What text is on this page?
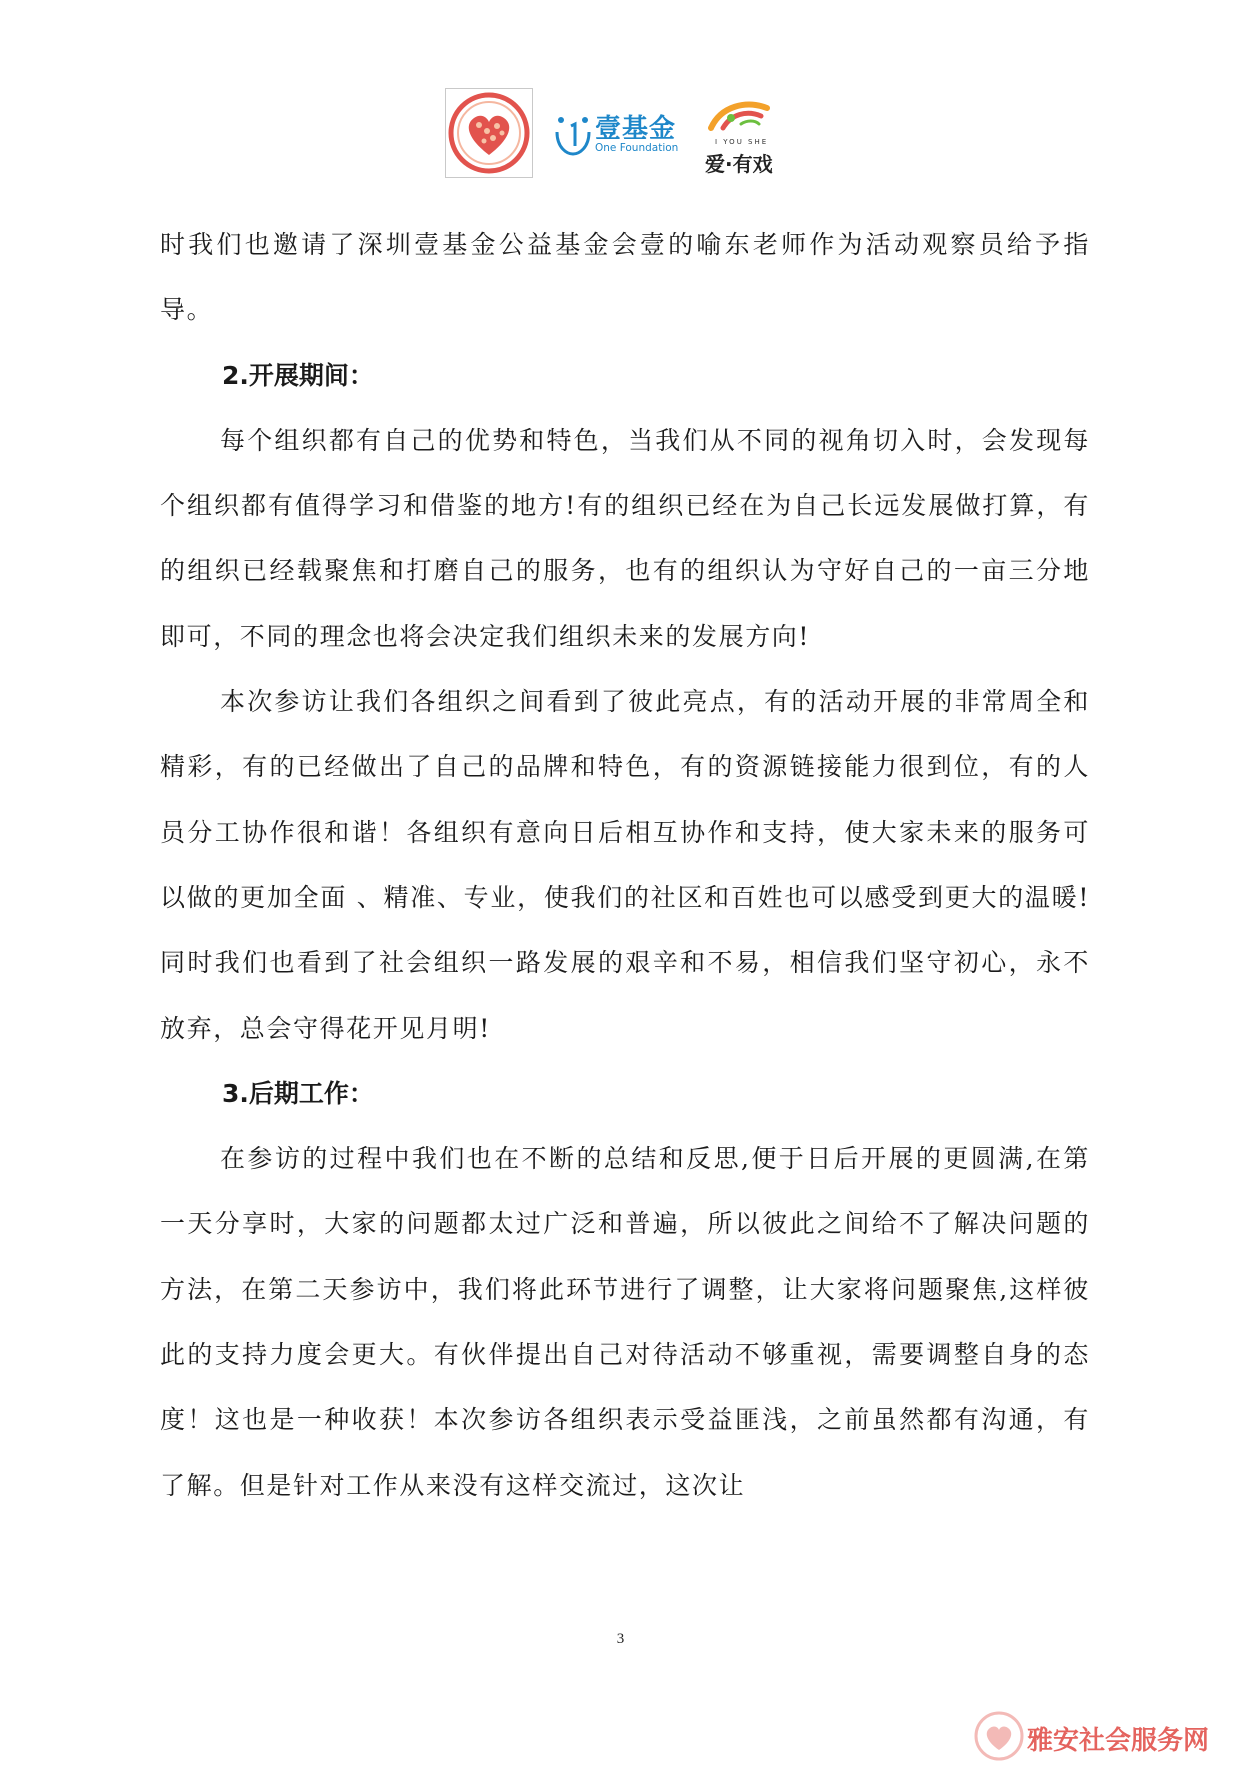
壹基金
One Foundation	I YOU SHE
爱·有戏

时我们也邀请了深圳壹基金公益基金会壹的喻东老师作为活动观察员给予指导。

2.开展期间：

每个组织都有自己的优势和特色，当我们从不同的视角切入时，会发现每个组织都有值得学习和借鉴的地方!有的组织已经在为自己长远发展做打算，有的组织已经载聚焦和打磨自己的服务，也有的组织认为守好自己的一亩三分地即可，不同的理念也将会决定我们组织未来的发展方向!

本次参访让我们各组织之间看到了彼此亮点，有的活动开展的非常周全和精彩，有的已经做出了自己的品牌和特色，有的资源链接能力很到位，有的人员分工协作很和谐！各组织有意向日后相互协作和支持，使大家未来的服务可以做的更加全面 、精准、专业，使我们的社区和百姓也可以感受到更大的温暖!同时我们也看到了社会组织一路发展的艰辛和不易，相信我们坚守初心，永不放弃，总会守得花开见月明!

3.后期工作：

在参访的过程中我们也在不断的总结和反思,便于日后开展的更圆满,在第一天分享时，大家的问题都太过广泛和普遍，所以彼此之间给不了解决问题的方法，在第二天参访中，我们将此环节进行了调整，让大家将问题聚焦,这样彼此的支持力度会更大。有伙伴提出自己对待活动不够重视，需要调整自身的态度！这也是一种收获！本次参访各组织表示受益匪浅，之前虽然都有沟通，有了解。但是针对工作从来没有这样交流过，这次让

3
雅安社会服务网
